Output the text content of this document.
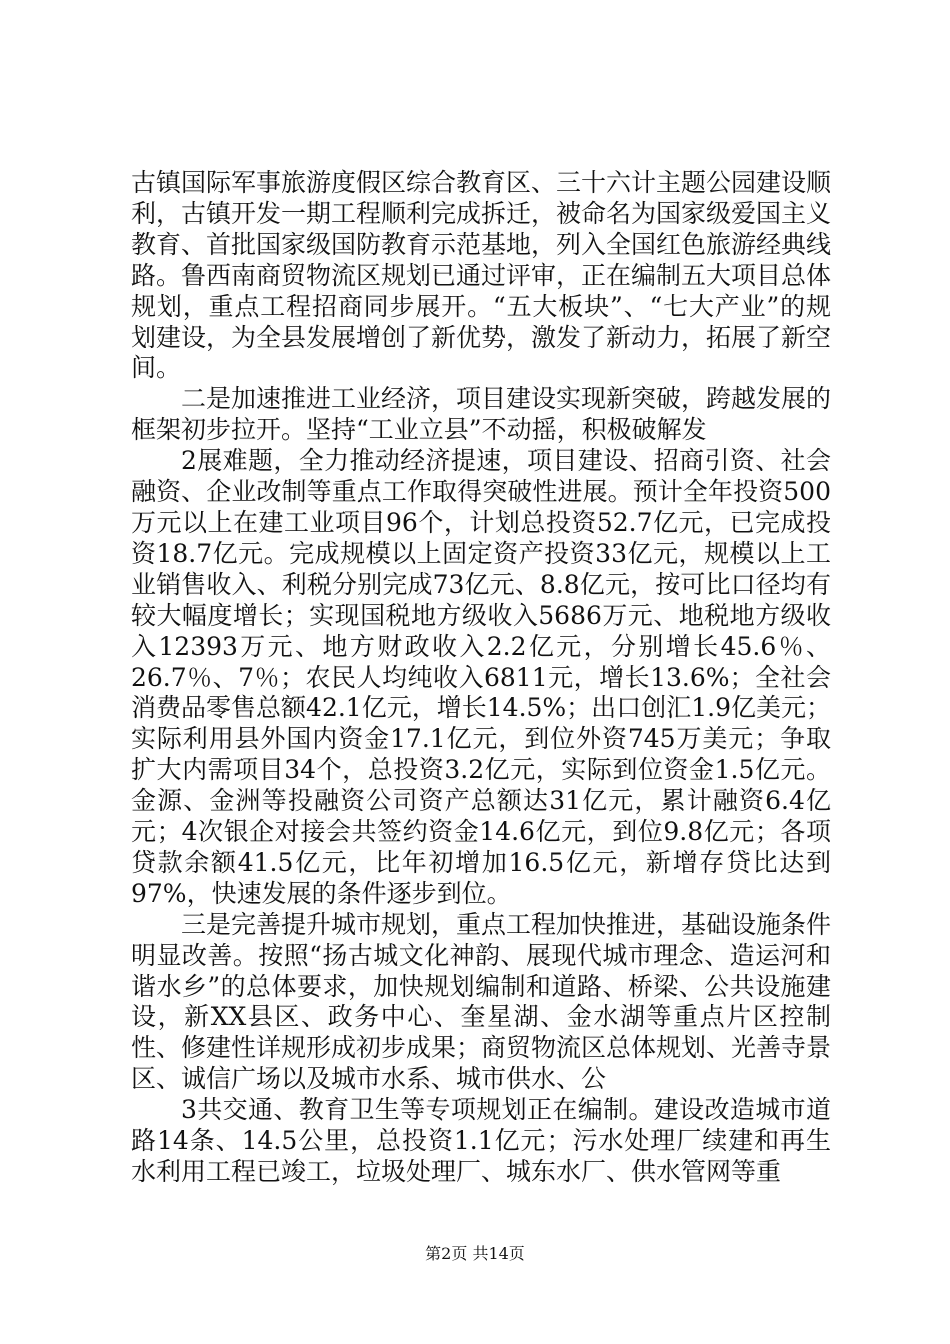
古镇国际军事旅游度假区综合教育区、三十六计主题公园建设顺利，古镇开发一期工程顺利完成拆迁，被命名为国家级爱国主义教育、首批国家级国防教育示范基地，列入全国红色旅游经典线路。鲁西南商贸物流区规划已通过评审，正在编制五大项目总体规划，重点工程招商同步展开。“五大板块”、“七大产业”的规划建设，为全县发展增创了新优势，激发了新动力，拓展了新空间。

二是加速推进工业经济，项目建设实现新突破，跨越发展的框架初步拉开。坚持“工业立县”不动摇，积极破解发

2展难题，全力推动经济提速，项目建设、招商引资、社会融资、企业改制等重点工作取得突破性进展。预计全年投资500万元以上在建工业项目96个，计划总投资52.7亿元，已完成投资18.7亿元。完成规模以上固定资产投资33亿元，规模以上工业销售收入、利税分别完成73亿元、8.8亿元，按可比口径均有较大幅度增长；实现国税地方级收入5686万元、地税地方级收入12393万元、地方财政收入2.2亿元，分别增长45.6％、26.7％、7％；农民人均纯收入6811元，增长13.6%；全社会消费品零售总额42.1亿元，增长14.5%；出口创汇1.9亿美元；实际利用县外国内资金17.1亿元，到位外资745万美元；争取扩大内需项目34个，总投资3.2亿元，实际到位资金1.5亿元。金源、金洲等投融资公司资产总额达31亿元，累计融资6.4亿元；4次银企对接会共签约资金14.6亿元，到位9.8亿元；各项贷款余额41.5亿元，比年初增加16.5亿元，新增存贷比达到97%，快速发展的条件逐步到位。

三是完善提升城市规划，重点工程加快推进，基础设施条件明显改善。按照“扬古城文化神韵、展现代城市理念、造运河和谐水乡”的总体要求，加快规划编制和道路、桥梁、公共设施建设，新XX县区、政务中心、奎星湖、金水湖等重点片区控制性、修建性详规形成初步成果；商贸物流区总体规划、光善寺景区、诚信广场以及城市水系、城市供水、公

3共交通、教育卫生等专项规划正在编制。建设改造城市道路14条、14.5公里，总投资1.1亿元；污水处理厂续建和再生水利用工程已竣工，垃圾处理厂、城东水厂、供水管网等重

第2页 共14页
